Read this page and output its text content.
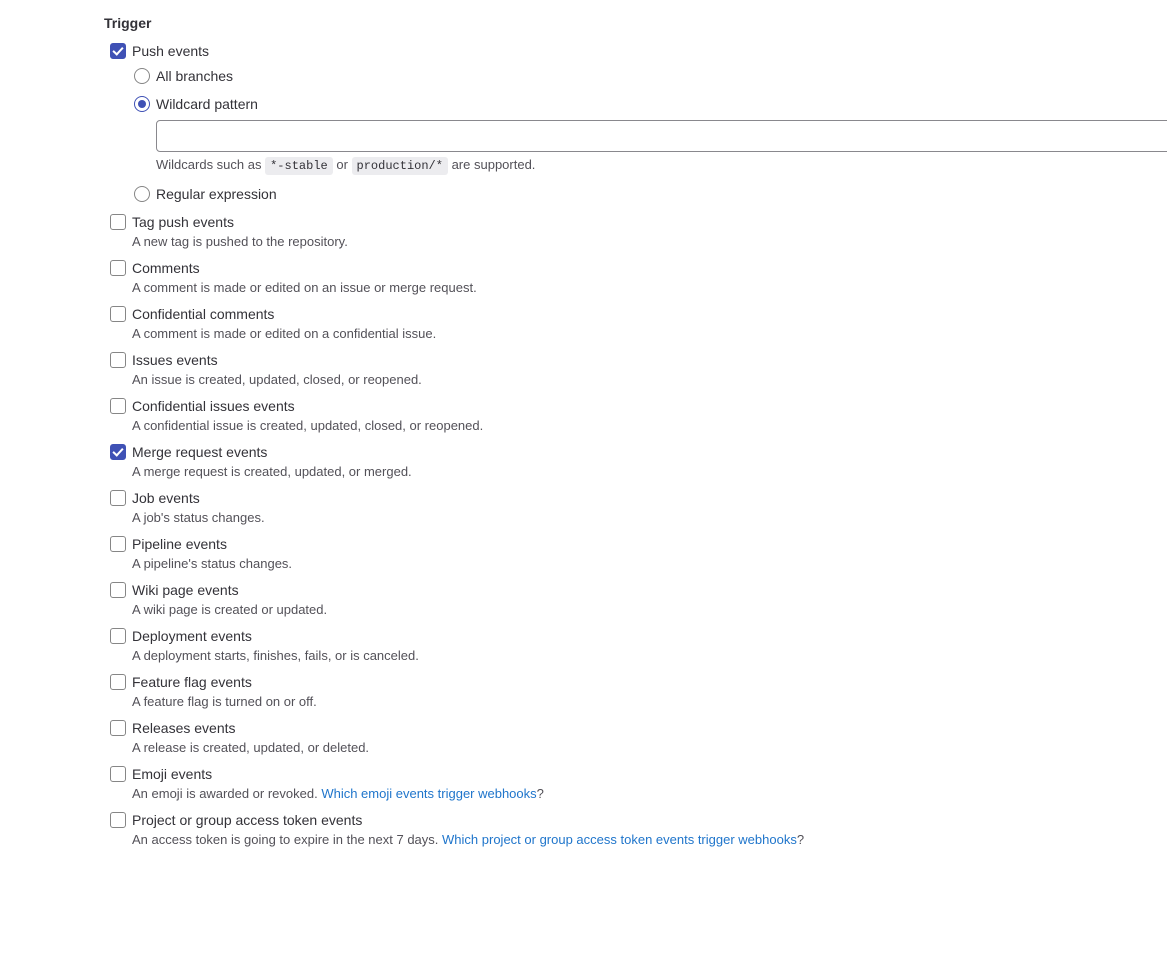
Trigger
Push events
All branches
Wildcard pattern
Wildcards such as *-stable or production/* are supported.
Regular expression
Tag push events
A new tag is pushed to the repository.
Comments
A comment is made or edited on an issue or merge request.
Confidential comments
A comment is made or edited on a confidential issue.
Issues events
An issue is created, updated, closed, or reopened.
Confidential issues events
A confidential issue is created, updated, closed, or reopened.
Merge request events
A merge request is created, updated, or merged.
Job events
A job's status changes.
Pipeline events
A pipeline's status changes.
Wiki page events
A wiki page is created or updated.
Deployment events
A deployment starts, finishes, fails, or is canceled.
Feature flag events
A feature flag is turned on or off.
Releases events
A release is created, updated, or deleted.
Emoji events
An emoji is awarded or revoked. Which emoji events trigger webhooks?
Project or group access token events
An access token is going to expire in the next 7 days. Which project or group access token events trigger webhooks?
